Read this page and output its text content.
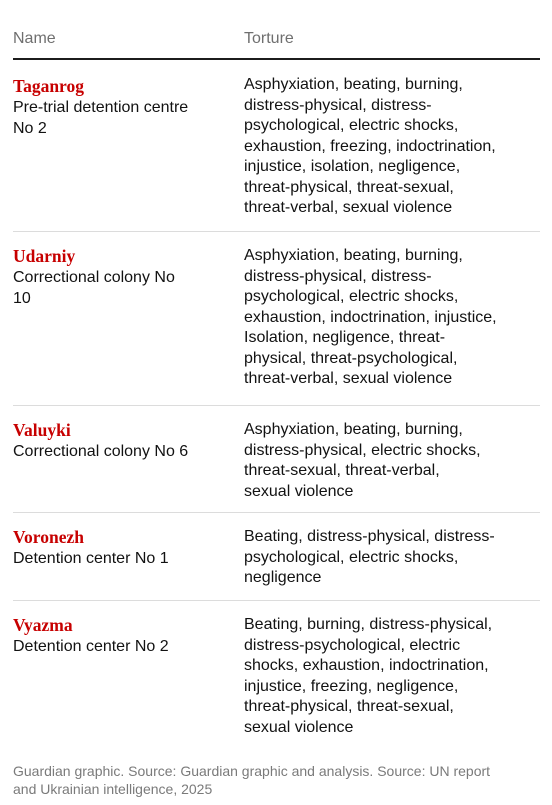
Name	Torture
Taganrog
Pre-trial detention centre No 2
Asphyxiation, beating, burning,
distress-physical, distress-
psychological, electric shocks,
exhaustion, freezing, indoctrination,
injustice, isolation, negligence,
threat-physical, threat-sexual,
threat-verbal, sexual violence
Udarniy
Correctional colony No 10
Asphyxiation, beating, burning,
distress-physical, distress-
psychological, electric shocks,
exhaustion, indoctrination, injustice,
Isolation, negligence, threat-
physical, threat-psychological,
threat-verbal, sexual violence
Valuyki
Correctional colony No 6
Asphyxiation, beating, burning,
distress-physical, electric shocks,
threat-sexual, threat-verbal,
sexual violence
Voronezh
Detention center No 1
Beating, distress-physical, distress-
psychological, electric shocks,
negligence
Vyazma
Detention center No 2
Beating, burning, distress-physical,
distress-psychological, electric
shocks, exhaustion, indoctrination,
injustice, freezing, negligence,
threat-physical, threat-sexual,
sexual violence
Guardian graphic. Source: Guardian graphic and analysis. Source: UN report
and Ukrainian intelligence, 2025
